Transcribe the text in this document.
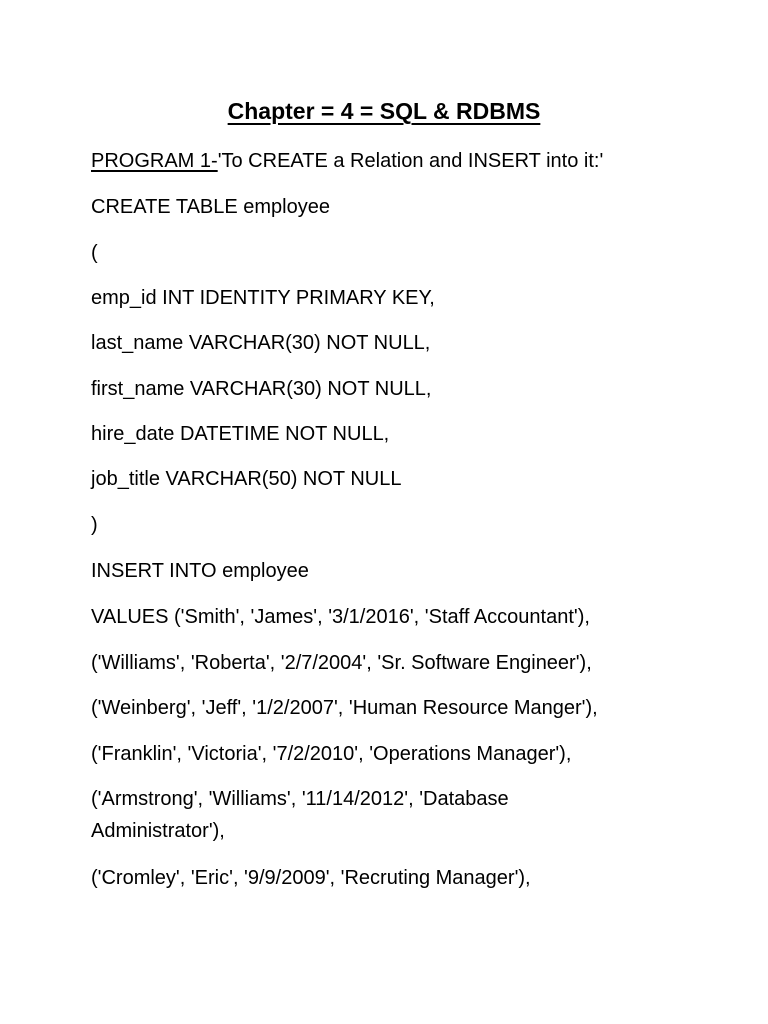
Chapter = 4 = SQL & RDBMS
PROGRAM 1-'To CREATE a Relation and INSERT into it:'
CREATE TABLE employee
(
emp_id INT IDENTITY PRIMARY KEY,
last_name VARCHAR(30) NOT NULL,
first_name VARCHAR(30) NOT NULL,
hire_date DATETIME NOT NULL,
job_title VARCHAR(50) NOT NULL
)
INSERT INTO employee
VALUES ('Smith', 'James', '3/1/2016', 'Staff Accountant'),
('Williams', 'Roberta', '2/7/2004', 'Sr. Software Engineer'),
('Weinberg', 'Jeff', '1/2/2007', 'Human Resource Manger'),
('Franklin', 'Victoria', '7/2/2010', 'Operations Manager'),
('Armstrong', 'Williams', '11/14/2012', 'Database
Administrator'),
('Cromley', 'Eric', '9/9/2009', 'Recruting Manager'),
